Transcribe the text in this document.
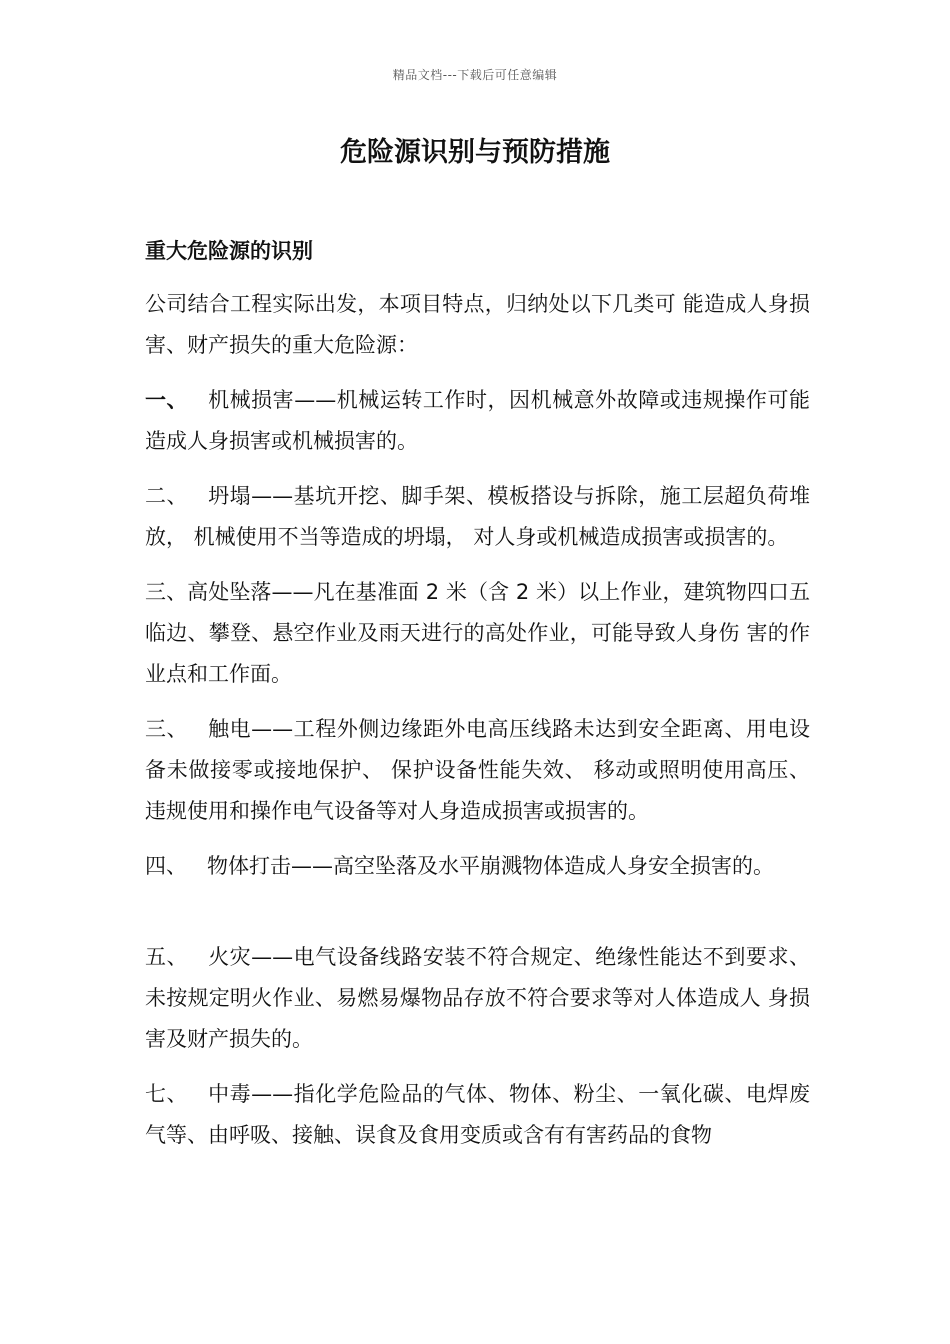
精品文档---下载后可任意编辑
危险源识别与预防措施
重大危险源的识别
公司结合工程实际出发，本项目特点，归纳处以下几类可 能造成人身损害、财产损失的重大危险源：
一、 机械损害——机械运转工作时，因机械意外故障或违规操作可能造成人身损害或机械损害的。
二、 坍塌——基坑开挖、脚手架、模板搭设与拆除，施工层超负荷堆放， 机械使用不当等造成的坍塌， 对人身或机械造成损害或损害的。
三、高处坠落——凡在基准面 2 米（含 2 米）以上作业，建筑物四口五临边、攀登、悬空作业及雨天进行的高处作业，可能导致人身伤 害的作业点和工作面。
三、 触电——工程外侧边缘距外电高压线路未达到安全距离、用电设备未做接零或接地保护、 保护设备性能失效、 移动或照明使用高压、 违规使用和操作电气设备等对人身造成损害或损害的。
四、 物体打击——高空坠落及水平崩溅物体造成人身安全损害的。
五、 火灾——电气设备线路安装不符合规定、绝缘性能达不到要求、未按规定明火作业、易燃易爆物品存放不符合要求等对人体造成人 身损害及财产损失的。
七、 中毒——指化学危险品的气体、物体、粉尘、一氧化碳、电焊废气等、由呼吸、接触、误食及食用变质或含有有害药品的食物
